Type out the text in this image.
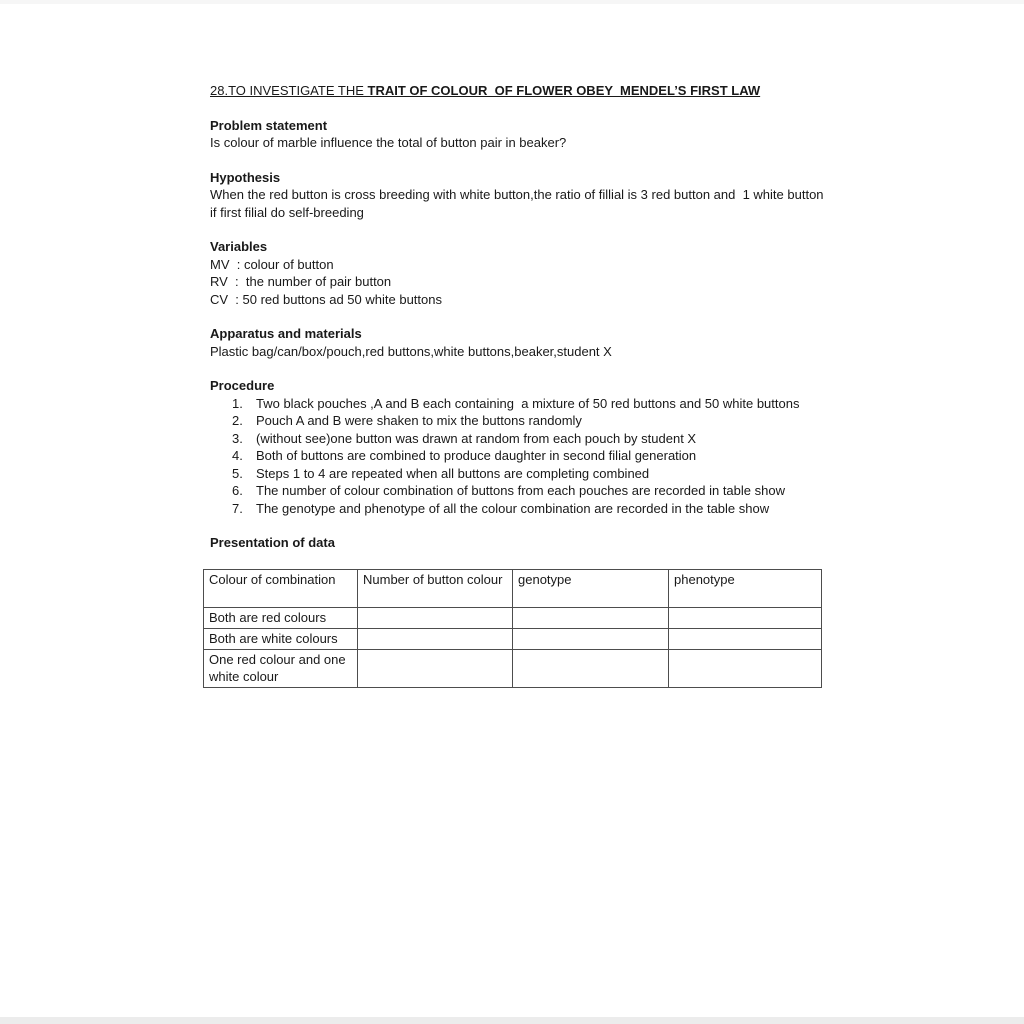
28.TO INVESTIGATE THE TRAIT OF COLOUR  OF FLOWER OBEY  MENDEL’S FIRST LAW

Problem statement

Is colour of marble influence the total of button pair in beaker?

Hypothesis

When the red button is cross breeding with white button,the ratio of fillial is 3 red button and  1 white button if first filial do self-breeding

Variables

MV  : colour of button

RV  :  the number of pair button

CV  : 50 red buttons ad 50 white buttons

Apparatus and materials

Plastic bag/can/box/pouch,red buttons,white buttons,beaker,student X

Procedure
1.	Two black pouches ,A and B each containing  a mixture of 50 red buttons and 50 white buttons
2.	Pouch A and B were shaken to mix the buttons randomly
3.	(without see)one button was drawn at random from each pouch by student X
4.	Both of buttons are combined to produce daughter in second filial generation
5.	Steps 1 to 4 are repeated when all buttons are completing combined
6.	The number of colour combination of buttons from each pouches are recorded in table show
7.	The genotype and phenotype of all the colour combination are recorded in the table show
Presentation of data
Colour of combination	Number of button colour	genotype	phenotype
Both are red colours			
Both are white colours			
One red colour and one white colour			
